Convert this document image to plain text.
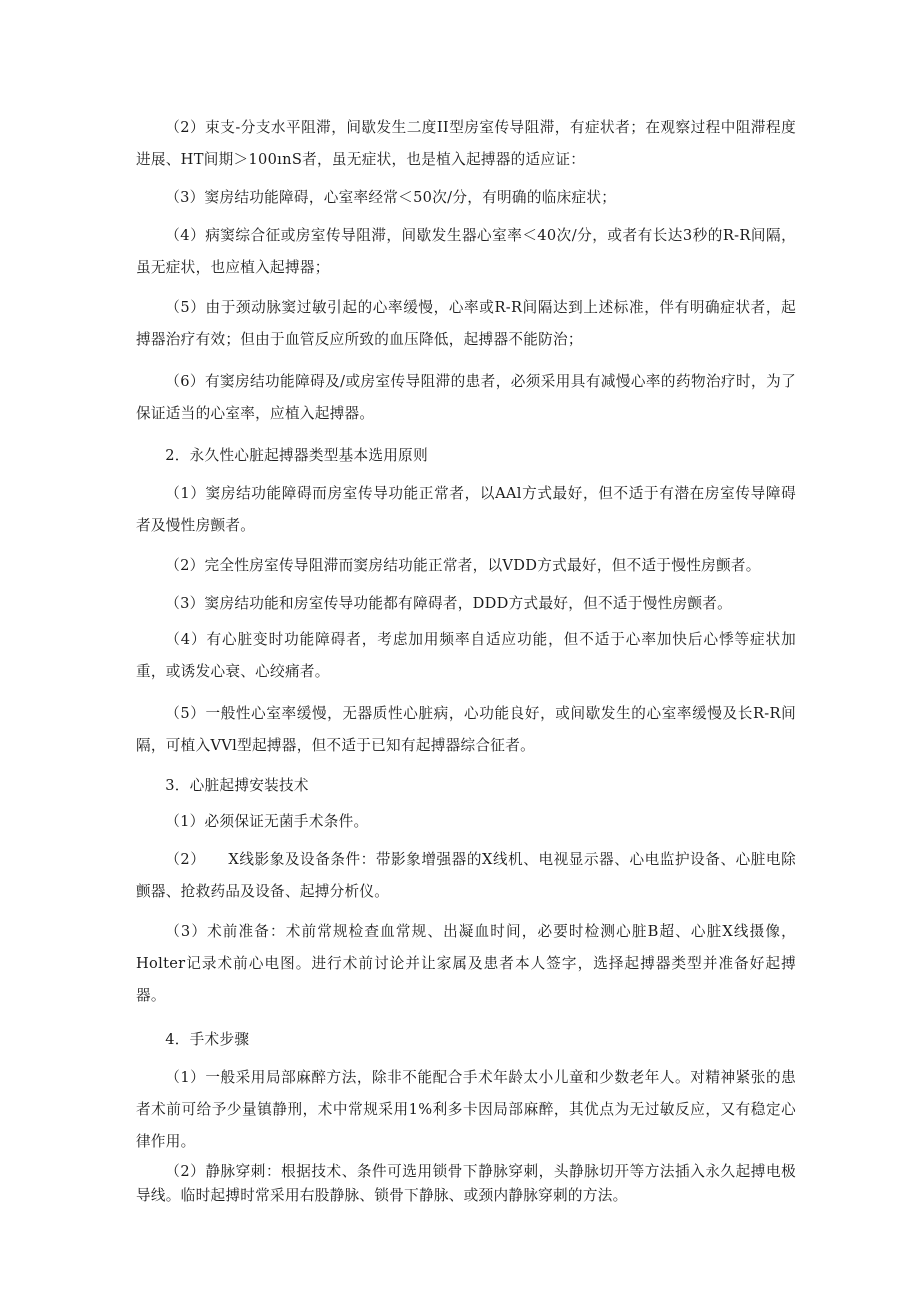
（2）束支-分支水平阻滞，间歇发生二度II型房室传导阻滞，有症状者；在观察过程中阻滞程度进展、HT间期＞100ınS者，虽无症状，也是植入起搏器的适应证：

（3）窦房结功能障碍，心室率经常＜50次/分，有明确的临床症状；

（4）病窦综合征或房室传导阻滞，间歇发生器心室率＜40次/分，或者有长达3秒的R-R间隔，虽无症状，也应植入起搏器；

（5）由于颈动脉窦过敏引起的心率缓慢，心率或R-R间隔达到上述标准，伴有明确症状者，起搏器治疗有效；但由于血管反应所致的血压降低，起搏器不能防治；

（6）有窦房结功能障碍及/或房室传导阻滞的患者，必须采用具有减慢心率的药物治疗时，为了保证适当的心室率，应植入起搏器。

2．永久性心脏起搏器类型基本选用原则

（1）窦房结功能障碍而房室传导功能正常者，以AAl方式最好，但不适于有潜在房室传导障碍者及慢性房颤者。

（2）完全性房室传导阻滞而窦房结功能正常者，以VDD方式最好，但不适于慢性房颤者。

（3）窦房结功能和房室传导功能都有障碍者，DDD方式最好，但不适于慢性房颤者。

（4）有心脏变时功能障碍者，考虑加用频率自适应功能，但不适于心率加快后心悸等症状加重，或诱发心衰、心绞痛者。

（5）一般性心室率缓慢，无器质性心脏病，心功能良好，或间歇发生的心室率缓慢及长R-R间隔，可植入VVl型起搏器，但不适于已知有起搏器综合征者。

3．心脏起搏安装技术

（1）必须保证无菌手术条件。

（2）　　X线影象及设备条件：带影象增强器的X线机、电视显示器、心电监护设备、心脏电除颤器、抢救药品及设备、起搏分析仪。

（3）术前准备：术前常规检查血常规、出凝血时间，必要时检测心脏B超、心脏X线摄像，Holter记录术前心电图。进行术前讨论并让家属及患者本人签字，选择起搏器类型并准备好起搏器。

4．手术步骤

（1）一般采用局部麻醉方法，除非不能配合手术年龄太小儿童和少数老年人。对精神紧张的患者术前可给予少量镇静刑，术中常规采用1%利多卡因局部麻醉，其优点为无过敏反应，又有稳定心律作用。

（2）静脉穿刺：根据技术、条件可选用锁骨下静脉穿刺，头静脉切开等方法插入永久起搏电极导线。临时起搏时常采用右股静脉、锁骨下静脉、或颈内静脉穿刺的方法。
